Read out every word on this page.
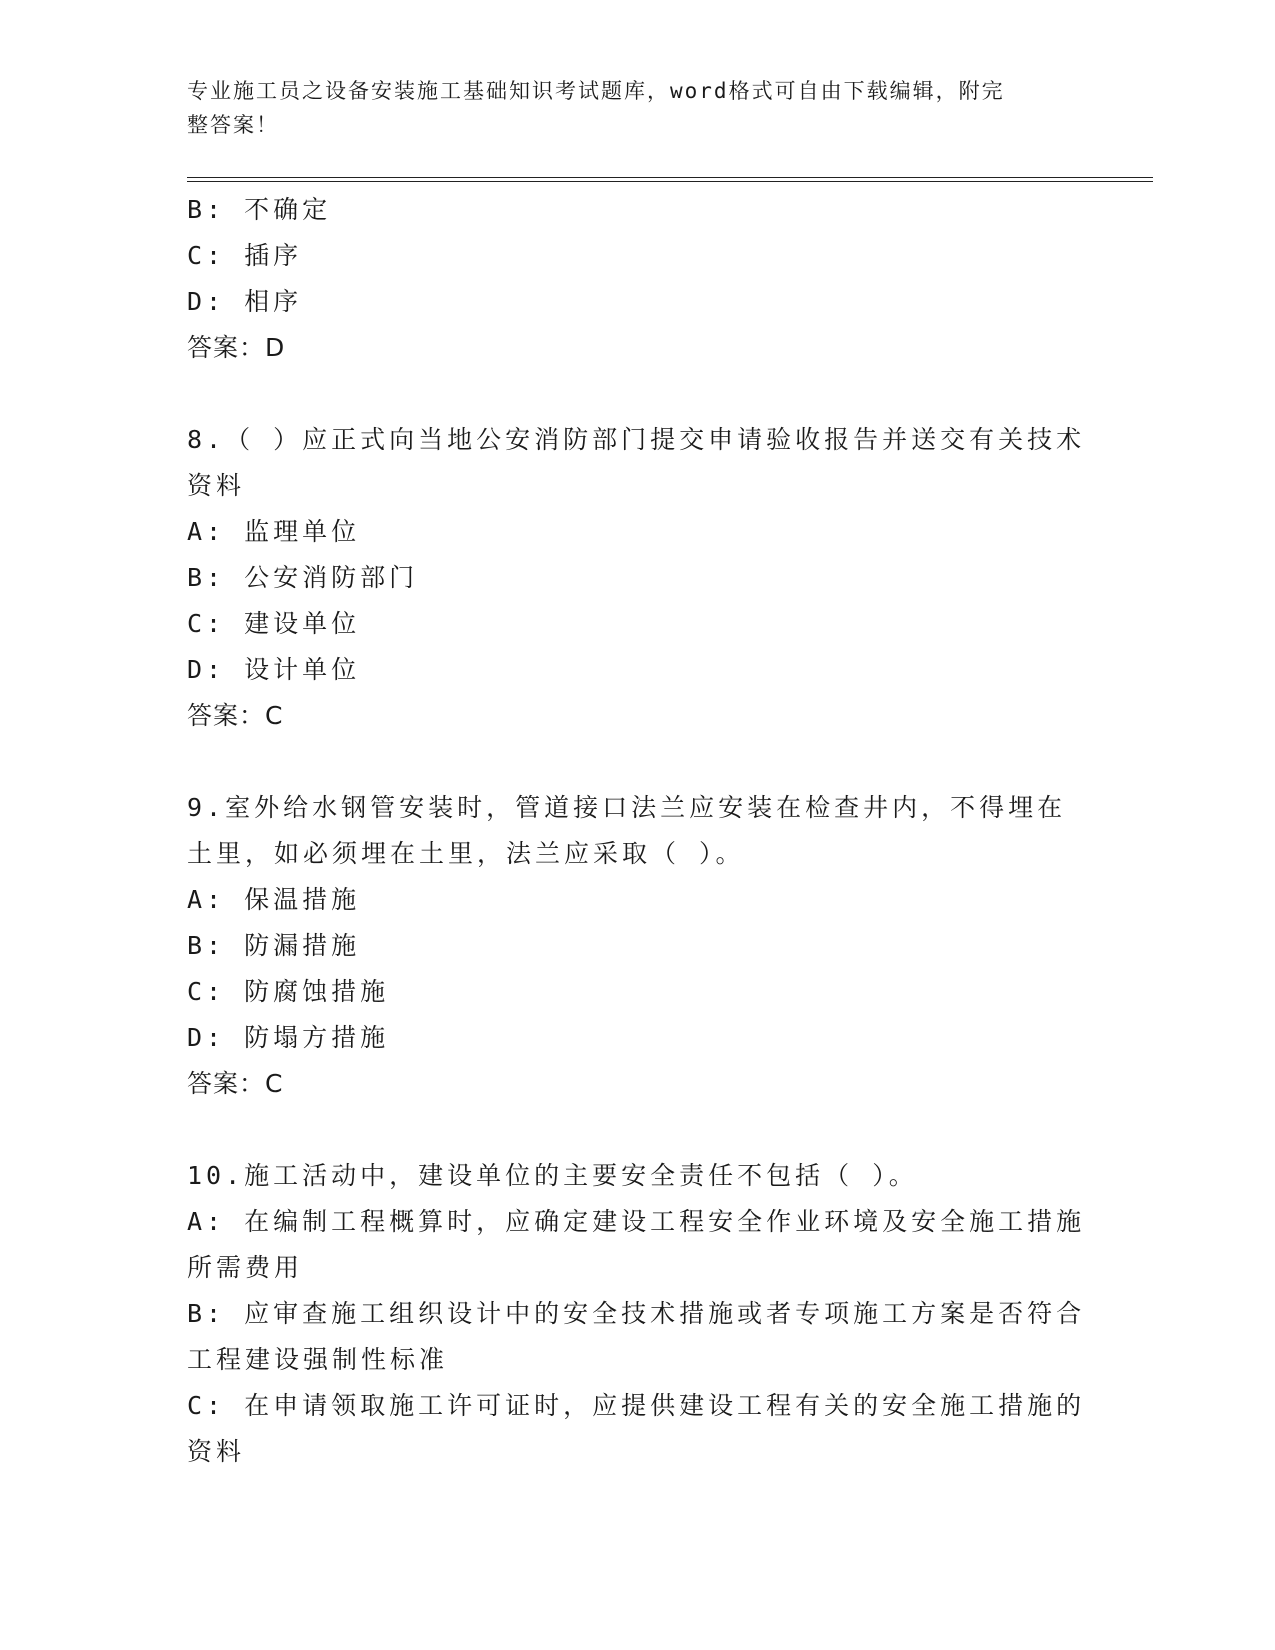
专业施工员之设备安装施工基础知识考试题库，word格式可自由下载编辑，附完
整答案！
B: 不确定
C: 插序
D: 相序
答案：D
8.（ ）应正式向当地公安消防部门提交申请验收报告并送交有关技术
资料
A: 监理单位
B: 公安消防部门
C: 建设单位
D: 设计单位
答案：C
9.室外给水钢管安装时，管道接口法兰应安装在检查井内，不得埋在
土里，如必须埋在土里，法兰应采取（ ）。
A: 保温措施
B: 防漏措施
C: 防腐蚀措施
D: 防塌方措施
答案：C
10.施工活动中，建设单位的主要安全责任不包括（ ）。
A: 在编制工程概算时，应确定建设工程安全作业环境及安全施工措施
所需费用
B: 应审查施工组织设计中的安全技术措施或者专项施工方案是否符合
工程建设强制性标准
C: 在申请领取施工许可证时，应提供建设工程有关的安全施工措施的
资料
